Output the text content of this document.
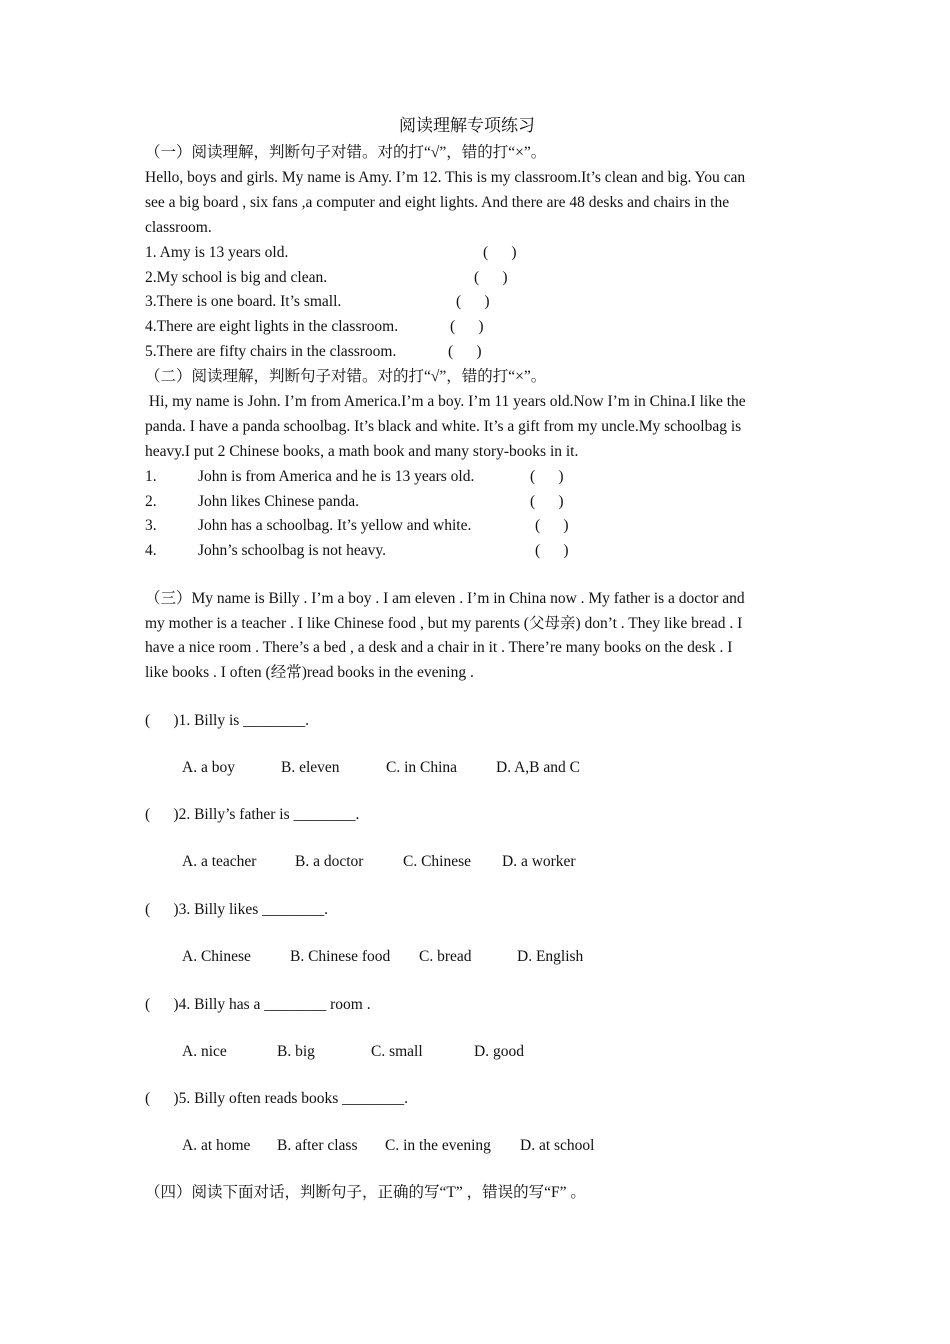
阅读理解专项练习
（一）阅读理解，判断句子对错。对的打“√”，错的打“×”。
Hello, boys and girls. My name is Amy. I’m 12. This is my classroom.It’s clean and big. You can
see a big board , six fans ,a computer and eight lights. And there are 48 desks and chairs in the
classroom.
1. Amy is 13 years old.	(      )
2.My school is big and clean.	(      )
3.There is one board. It’s small.	(      )
4.There are eight lights in the classroom.	(      )
5.There are fifty chairs in the classroom.	(      )
（二）阅读理解，判断句子对错。对的打“√”，错的打“×”。
Hi, my name is John. I’m from America.I’m a boy. I’m 11 years old.Now I’m in China.I like the
panda. I have a panda schoolbag. It’s black and white. It’s a gift from my uncle.My schoolbag is
heavy.I put 2 Chinese books, a math book and many story-books in it.
1.	John is from America and he is 13 years old.	(      )
2.	John likes Chinese panda.	(      )
3.	John has a schoolbag. It’s yellow and white.	(      )
4.	John’s schoolbag is not heavy.	(      )
（三）My name is Billy . I’m a boy . I am eleven . I’m in China now . My father is a doctor and
my mother is a teacher . I like Chinese food , but my parents (父母亲) don’t . They like bread . I
have a nice room . There’s a bed , a desk and a chair in it . There’re many books on the desk . I
like books . I often (经常)read books in the evening .
(      )1. Billy is ________.
A. a boy	B. eleven	C. in China	D. A,B and C
(      )2. Billy’s father is ________.
A. a teacher B. a doctor	C. Chinese D. a worker
(      )3. Billy likes ________.
A. Chinese	B. Chinese food C. bread	D. English
(      )4. Billy has a ________ room .
A. nice	B. big	C. small	D. good
(      )5. Billy often reads books ________.
A. at home B. after class C. in the evening D. at school
（四）阅读下面对话，判断句子，正确的写“T” ，错误的写“F” 。
